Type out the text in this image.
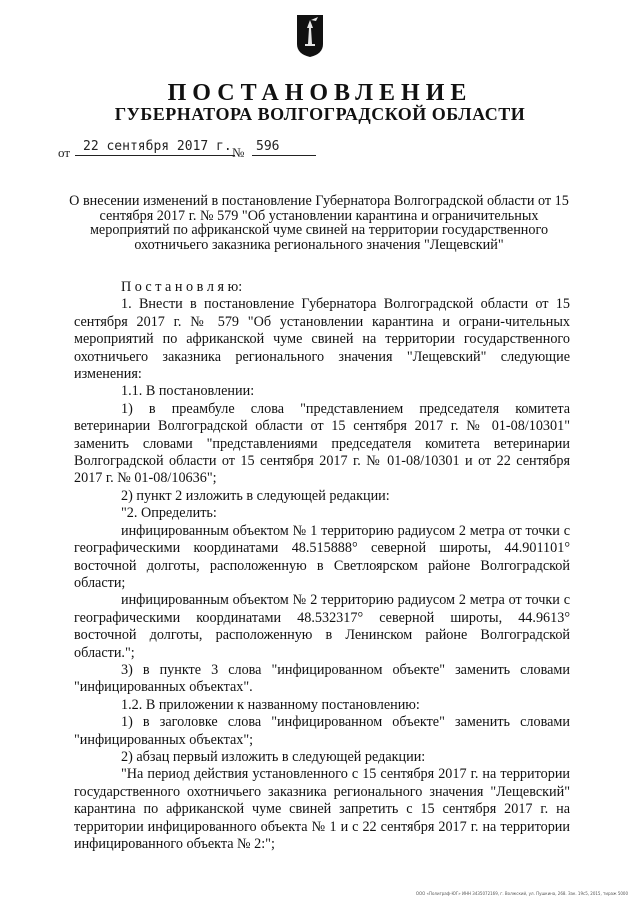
ПОСТАНОВЛЕНИЕ
ГУБЕРНАТОРА ВОЛГОГРАДСКОЙ ОБЛАСТИ
от 22 сентября 2017 г. № 596
О внесении изменений в постановление Губернатора Волгоградской области от 15 сентября 2017 г. № 579 "Об установлении карантина и ограничительных мероприятий по африканской чуме свиней на территории государственного охотничьего заказника регионального значения "Лещевский"

П о с т а н о в л я ю:

1. Внести в постановление Губернатора Волгоградской области от 15 сентября 2017 г. № 579 "Об установлении карантина и ограни-чительных мероприятий по африканской чуме свиней на территории государственного охотничьего заказника регионального значения "Лещевский" следующие изменения:

1.1. В постановлении:

1) в преамбуле слова "представлением председателя комитета ветеринарии Волгоградской области от 15 сентября 2017 г. № 01-08/10301" заменить словами "представлениями председателя комитета ветеринарии Волгоградской области от 15 сентября 2017 г. № 01-08/10301 и от 22 сентября 2017 г. № 01-08/10636";

2) пункт 2 изложить в следующей редакции:

"2. Определить:

инфицированным объектом № 1 территорию радиусом 2 метра от точки с географическими координатами 48.515888° северной широты, 44.901101° восточной долготы, расположенную в Светлоярском районе Волгоградской области;

инфицированным объектом № 2 территорию радиусом 2 метра от точки с географическими координатами 48.532317° северной широты, 44.9613° восточной долготы, расположенную в Ленинском районе Волгоградской области.";

3) в пункте 3 слова "инфицированном объекте" заменить словами "инфицированных объектах".

1.2. В приложении к названному постановлению:

1) в заголовке слова "инфицированном объекте" заменить словами "инфицированных объектах";

2) абзац первый изложить в следующей редакции:

"На период действия установленного с 15 сентября 2017 г. на территории государственного охотничьего заказника регионального значения "Лещевский" карантина по африканской чуме свиней запретить с 15 сентября 2017 г. на территории инфицированного объекта № 1 и с 22 сентября 2017 г. на территории инфицированного объекта № 2:";

ООО «Полиграф-ЮГ» ИНН 3435072169, г. Волжский, ул. Пушкина, 268. Зак. 19с5, 2015, тираж 5000
